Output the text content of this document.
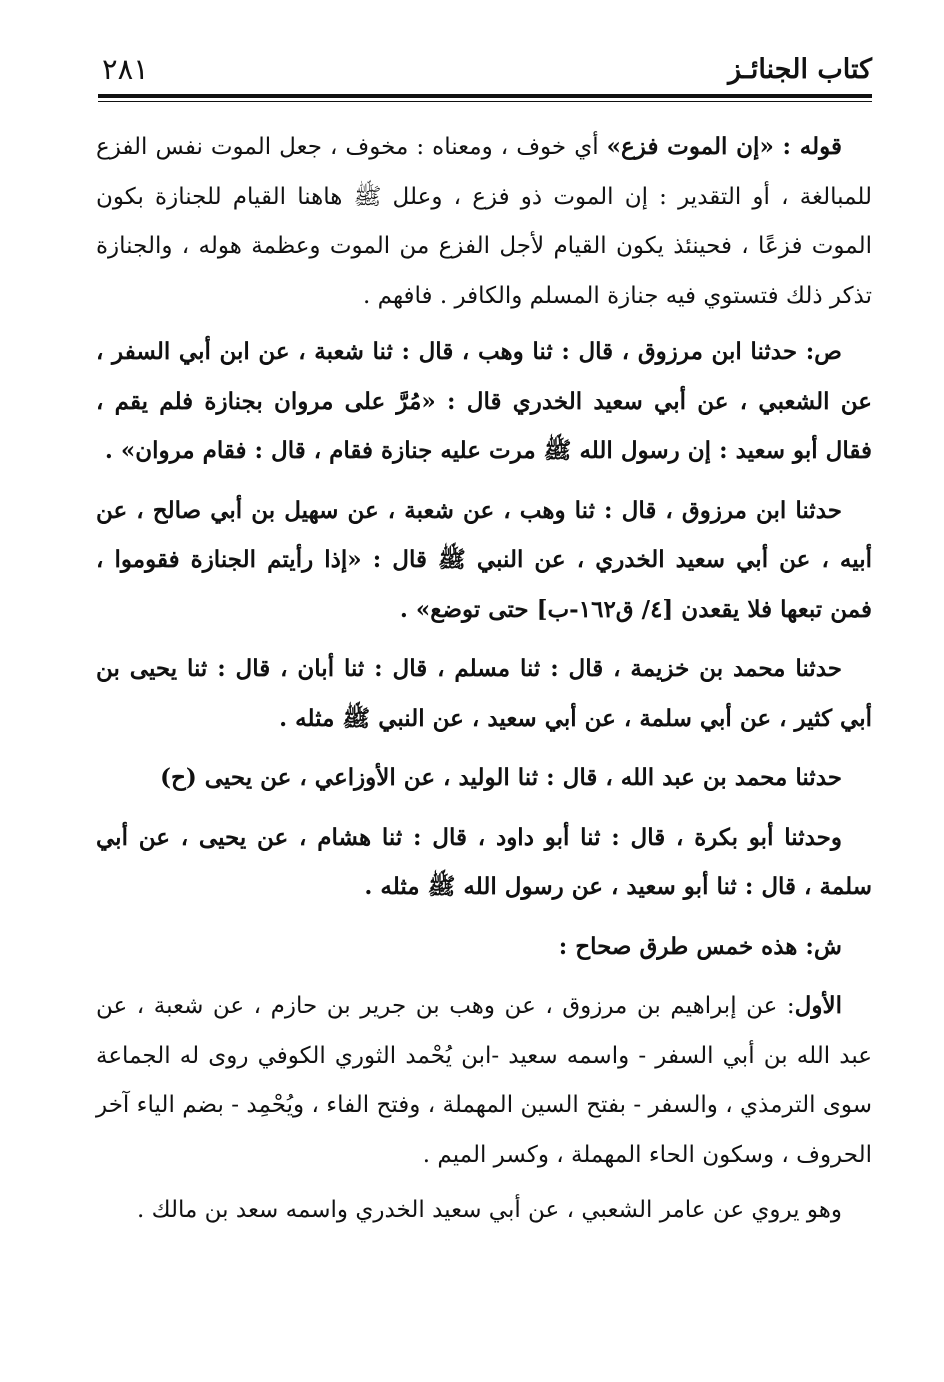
كتاب الجنائـز
٢٨١

قوله : «إن الموت فزع» أي خوف ، ومعناه : مخوف ، جعل الموت نفس الفزع للمبالغة ، أو التقدير : إن الموت ذو فزع ، وعلل ﷺ هاهنا القيام للجنازة بكون الموت فزعًا ، فحينئذ يكون القيام لأجل الفزع من الموت وعظمة هوله ، والجنازة تذكر ذلك فتستوي فيه جنازة المسلم والكافر . فافهم .

ص: حدثنا ابن مرزوق ، قال : ثنا وهب ، قال : ثنا شعبة ، عن ابن أبي السفر ، عن الشعبي ، عن أبي سعيد الخدري قال : «مُرَّ على مروان بجنازة فلم يقم ، فقال أبو سعيد : إن رسول الله ﷺ مرت عليه جنازة فقام ، قال : فقام مروان» .

حدثنا ابن مرزوق ، قال : ثنا وهب ، عن شعبة ، عن سهيل بن أبي صالح ، عن أبيه ، عن أبي سعيد الخدري ، عن النبي ﷺ قال : «إذا رأيتم الجنازة فقوموا ، فمن تبعها فلا يقعدن [٤/ ق١٦٢-ب] حتى توضع» .

حدثنا محمد بن خزيمة ، قال : ثنا مسلم ، قال : ثنا أبان ، قال : ثنا يحيى بن أبي كثير ، عن أبي سلمة ، عن أبي سعيد ، عن النبي ﷺ مثله .

حدثنا محمد بن عبد الله ، قال : ثنا الوليد ، عن الأوزاعي ، عن يحيى (ح)

وحدثنا أبو بكرة ، قال : ثنا أبو داود ، قال : ثنا هشام ، عن يحيى ، عن أبي سلمة ، قال : ثنا أبو سعيد ، عن رسول الله ﷺ مثله .

ش: هذه خمس طرق صحاح :

الأول: عن إبراهيم بن مرزوق ، عن وهب بن جرير بن حازم ، عن شعبة ، عن عبد الله بن أبي السفر - واسمه سعيد -ابن يُحْمد الثوري الكوفي روى له الجماعة سوى الترمذي ، والسفر - بفتح السين المهملة ، وفتح الفاء ، ويُحْمِد - بضم الياء آخر الحروف ، وسكون الحاء المهملة ، وكسر الميم .

وهو يروي عن عامر الشعبي ، عن أبي سعيد الخدري واسمه سعد بن مالك .
